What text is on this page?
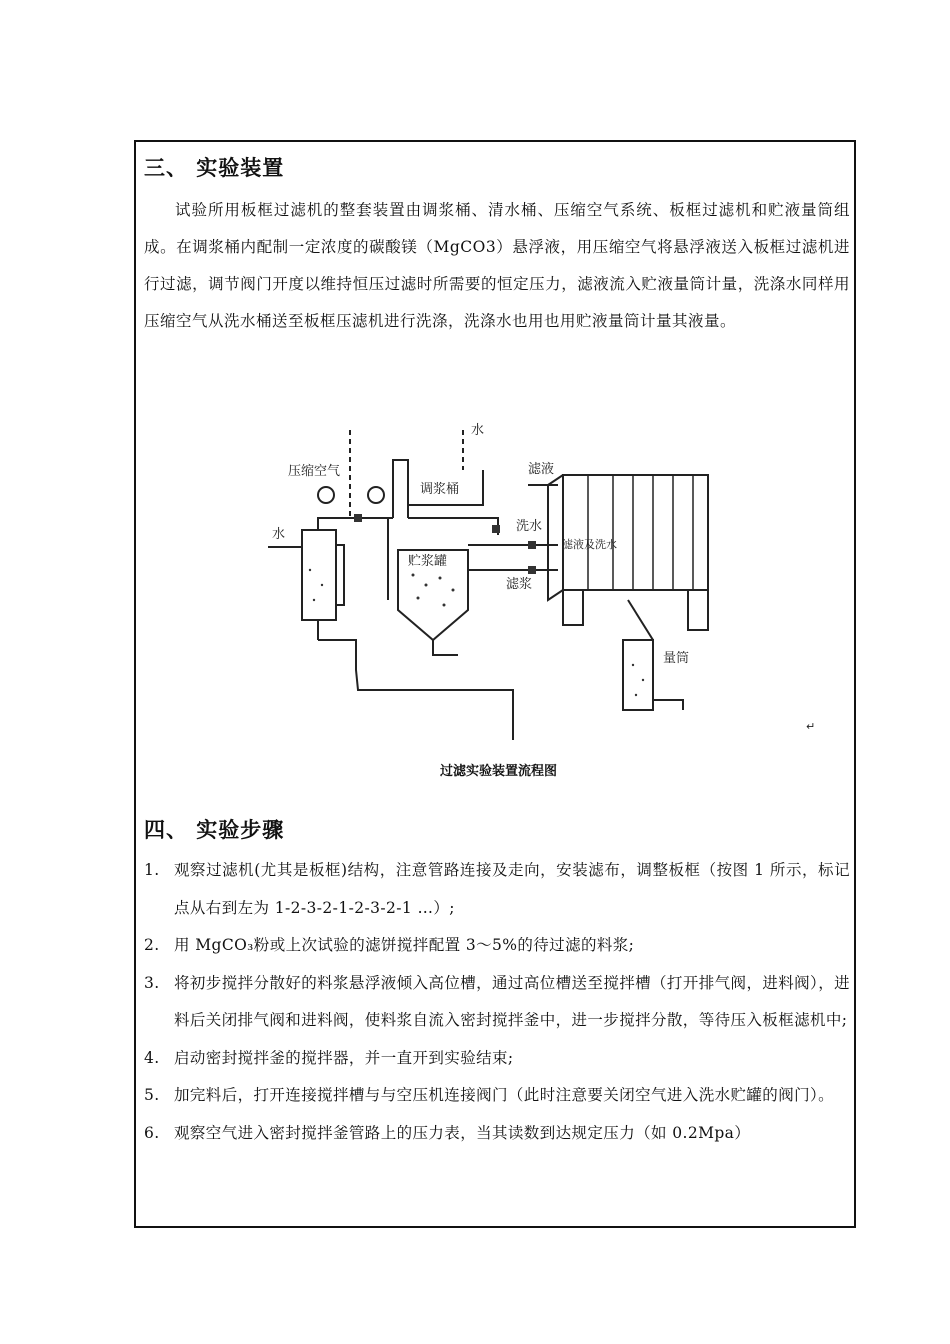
三、 实验装置

试验所用板框过滤机的整套装置由调浆桶、清水桶、压缩空气系统、板框过滤机和贮液量筒组成。在调浆桶内配制一定浓度的碳酸镁（MgCO3）悬浮液，用压缩空气将悬浮液送入板框过滤机进行过滤，调节阀门开度以维持恒压过滤时所需要的恒定压力，滤液流入贮液量筒计量，洗涤水同样用压缩空气从洗水桶送至板框压滤机进行洗涤，洗涤水也用也用贮液量筒计量其液量。

水
压缩空气
调浆桶
水
贮浆罐
滤液
洗水
滤液及洗水
滤浆
量筒
↵
过滤实验装置流程图
四、 实验步骤
1. 观察过滤机(尤其是板框)结构，注意管路连接及走向，安装滤布，调整板框（按图 1 所示，标记点从右到左为 1-2-3-2-1-2-3-2-1 …）;
2. 用 MgCO₃粉或上次试验的滤饼搅拌配置 3～5%的待过滤的料浆;
3. 将初步搅拌分散好的料浆悬浮液倾入高位槽，通过高位槽送至搅拌槽（打开排气阀，进料阀），进料后关闭排气阀和进料阀，使料浆自流入密封搅拌釜中，进一步搅拌分散，等待压入板框滤机中;
4. 启动密封搅拌釜的搅拌器，并一直开到实验结束;
5. 加完料后，打开连接搅拌槽与与空压机连接阀门（此时注意要关闭空气进入洗水贮罐的阀门）。
6. 观察空气进入密封搅拌釜管路上的压力表，当其读数到达规定压力（如 0.2Mpa）
